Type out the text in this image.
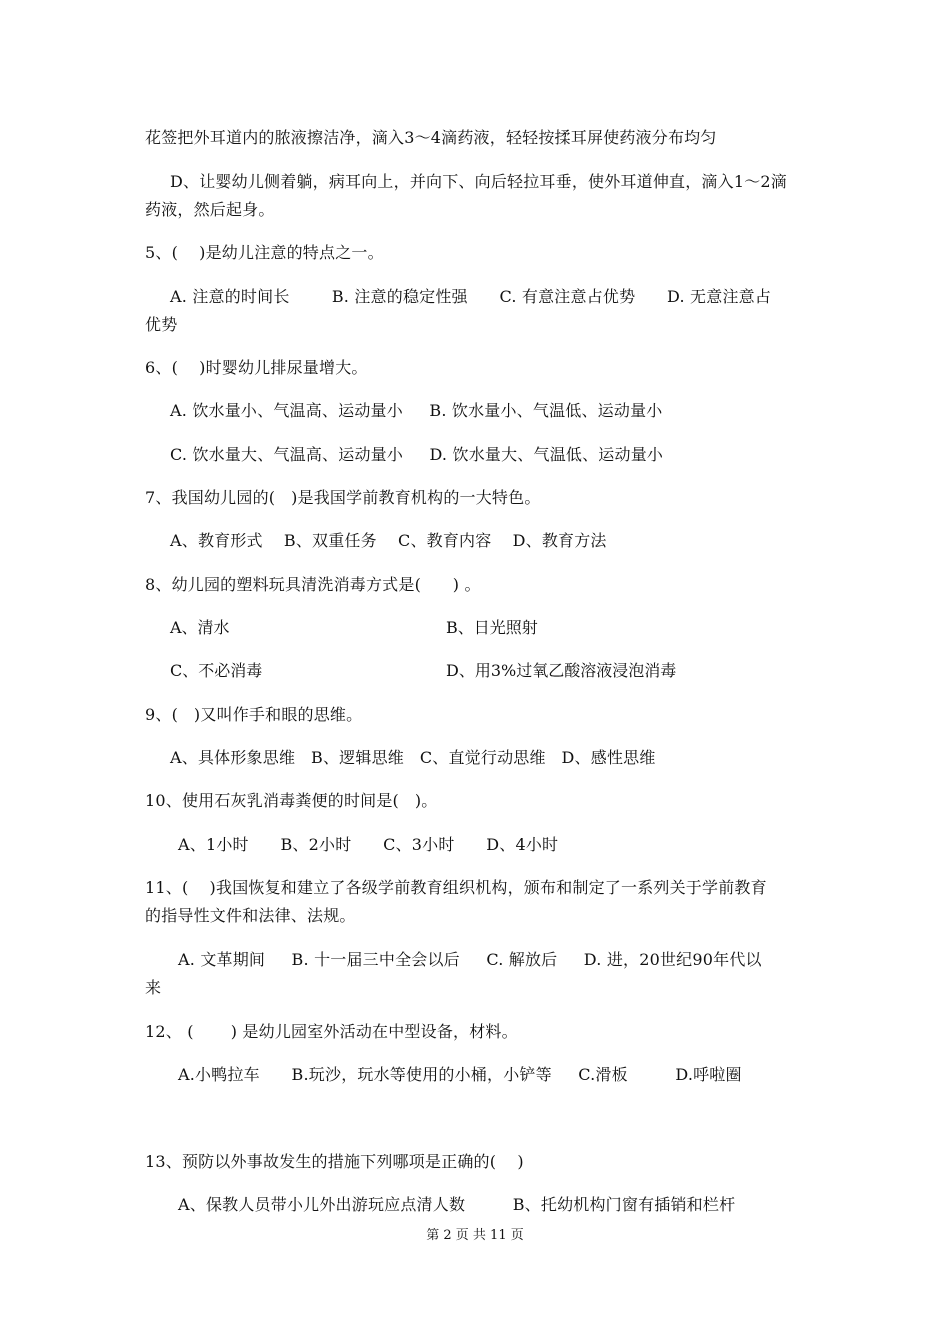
花签把外耳道内的脓液擦洁净，滴入3～4滴药液，轻轻按揉耳屏使药液分布均匀
D、让婴幼儿侧着躺，病耳向上，并向下、向后轻拉耳垂，使外耳道伸直，滴入1～2滴
药液，然后起身。
5、(    )是幼儿注意的特点之一。
A. 注意的时间长        B. 注意的稳定性强      C. 有意注意占优势      D. 无意注意占
优势
6、(    )时婴幼儿排尿量增大。
A. 饮水量小、气温高、运动量小     B. 饮水量小、气温低、运动量小
C. 饮水量大、气温高、运动量小     D. 饮水量大、气温低、运动量小
7、我国幼儿园的(   )是我国学前教育机构的一大特色。
A、教育形式    B、双重任务    C、教育内容    D、教育方法
8、幼儿园的塑料玩具清洗消毒方式是(      ) 。
A、清水	B、日光照射
C、不必消毒	D、用3%过氧乙酸溶液浸泡消毒
9、(   )又叫作手和眼的思维。
A、具体形象思维   B、逻辑思维   C、直觉行动思维   D、感性思维
10、使用石灰乳消毒粪便的时间是(   )。
A、1小时      B、2小时      C、3小时      D、4小时
11、(    )我国恢复和建立了各级学前教育组织机构，颁布和制定了一系列关于学前教育
的指导性文件和法律、法规。
A. 文革期间     B. 十一届三中全会以后     C. 解放后     D. 进，20世纪90年代以
来
12、 (       ) 是幼儿园室外活动在中型设备，材料。
A.小鸭拉车      B.玩沙，玩水等使用的小桶，小铲等     C.滑板         D.呼啦圈
13、预防以外事故发生的措施下列哪项是正确的(    )
A、保教人员带小儿外出游玩应点清人数         B、托幼机构门窗有插销和栏杆
第 2 页 共 11 页
